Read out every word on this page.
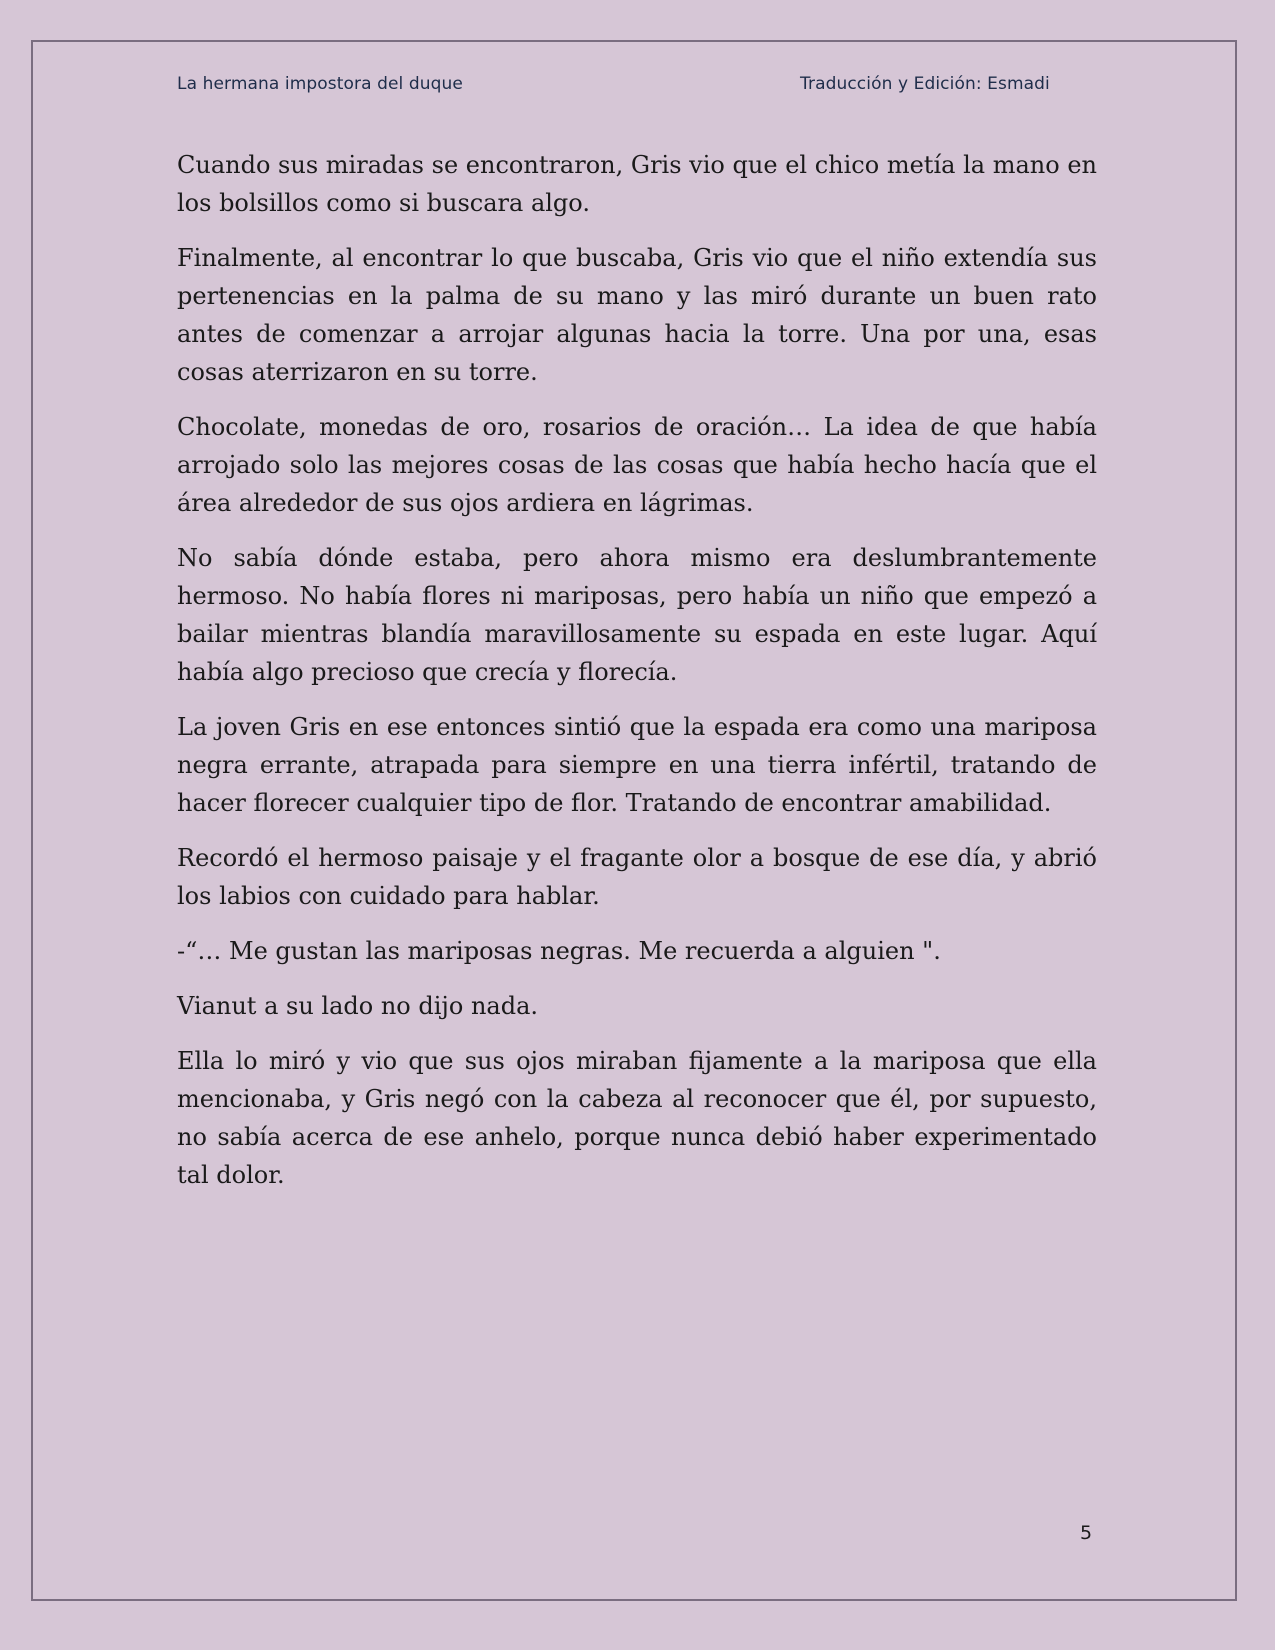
La hermana impostora del duque	Traducción y Edición: Esmadi

Cuando sus miradas se encontraron, Gris vio que el chico metía la mano en los bolsillos como si buscara algo.

Finalmente, al encontrar lo que buscaba, Gris vio que el niño extendía sus pertenencias en la palma de su mano y las miró durante un buen rato antes de comenzar a arrojar algunas hacia la torre. Una por una, esas cosas aterrizaron en su torre.

Chocolate, monedas de oro, rosarios de oración… La idea de que había arrojado solo las mejores cosas de las cosas que había hecho hacía que el área alrededor de sus ojos ardiera en lágrimas.

No sabía dónde estaba, pero ahora mismo era deslumbrantemente hermoso. No había flores ni mariposas, pero había un niño que empezó a bailar mientras blandía maravillosamente su espada en este lugar. Aquí había algo precioso que crecía y florecía.

La joven Gris en ese entonces sintió que la espada era como una mariposa negra errante, atrapada para siempre en una tierra infértil, tratando de hacer florecer cualquier tipo de flor. Tratando de encontrar amabilidad.

Recordó el hermoso paisaje y el fragante olor a bosque de ese día, y abrió los labios con cuidado para hablar.

-“… Me gustan las mariposas negras. Me recuerda a alguien ".

Vianut a su lado no dijo nada.

Ella lo miró y vio que sus ojos miraban fijamente a la mariposa que ella mencionaba, y Gris negó con la cabeza al reconocer que él, por supuesto, no sabía acerca de ese anhelo, porque nunca debió haber experimentado tal dolor.

5
